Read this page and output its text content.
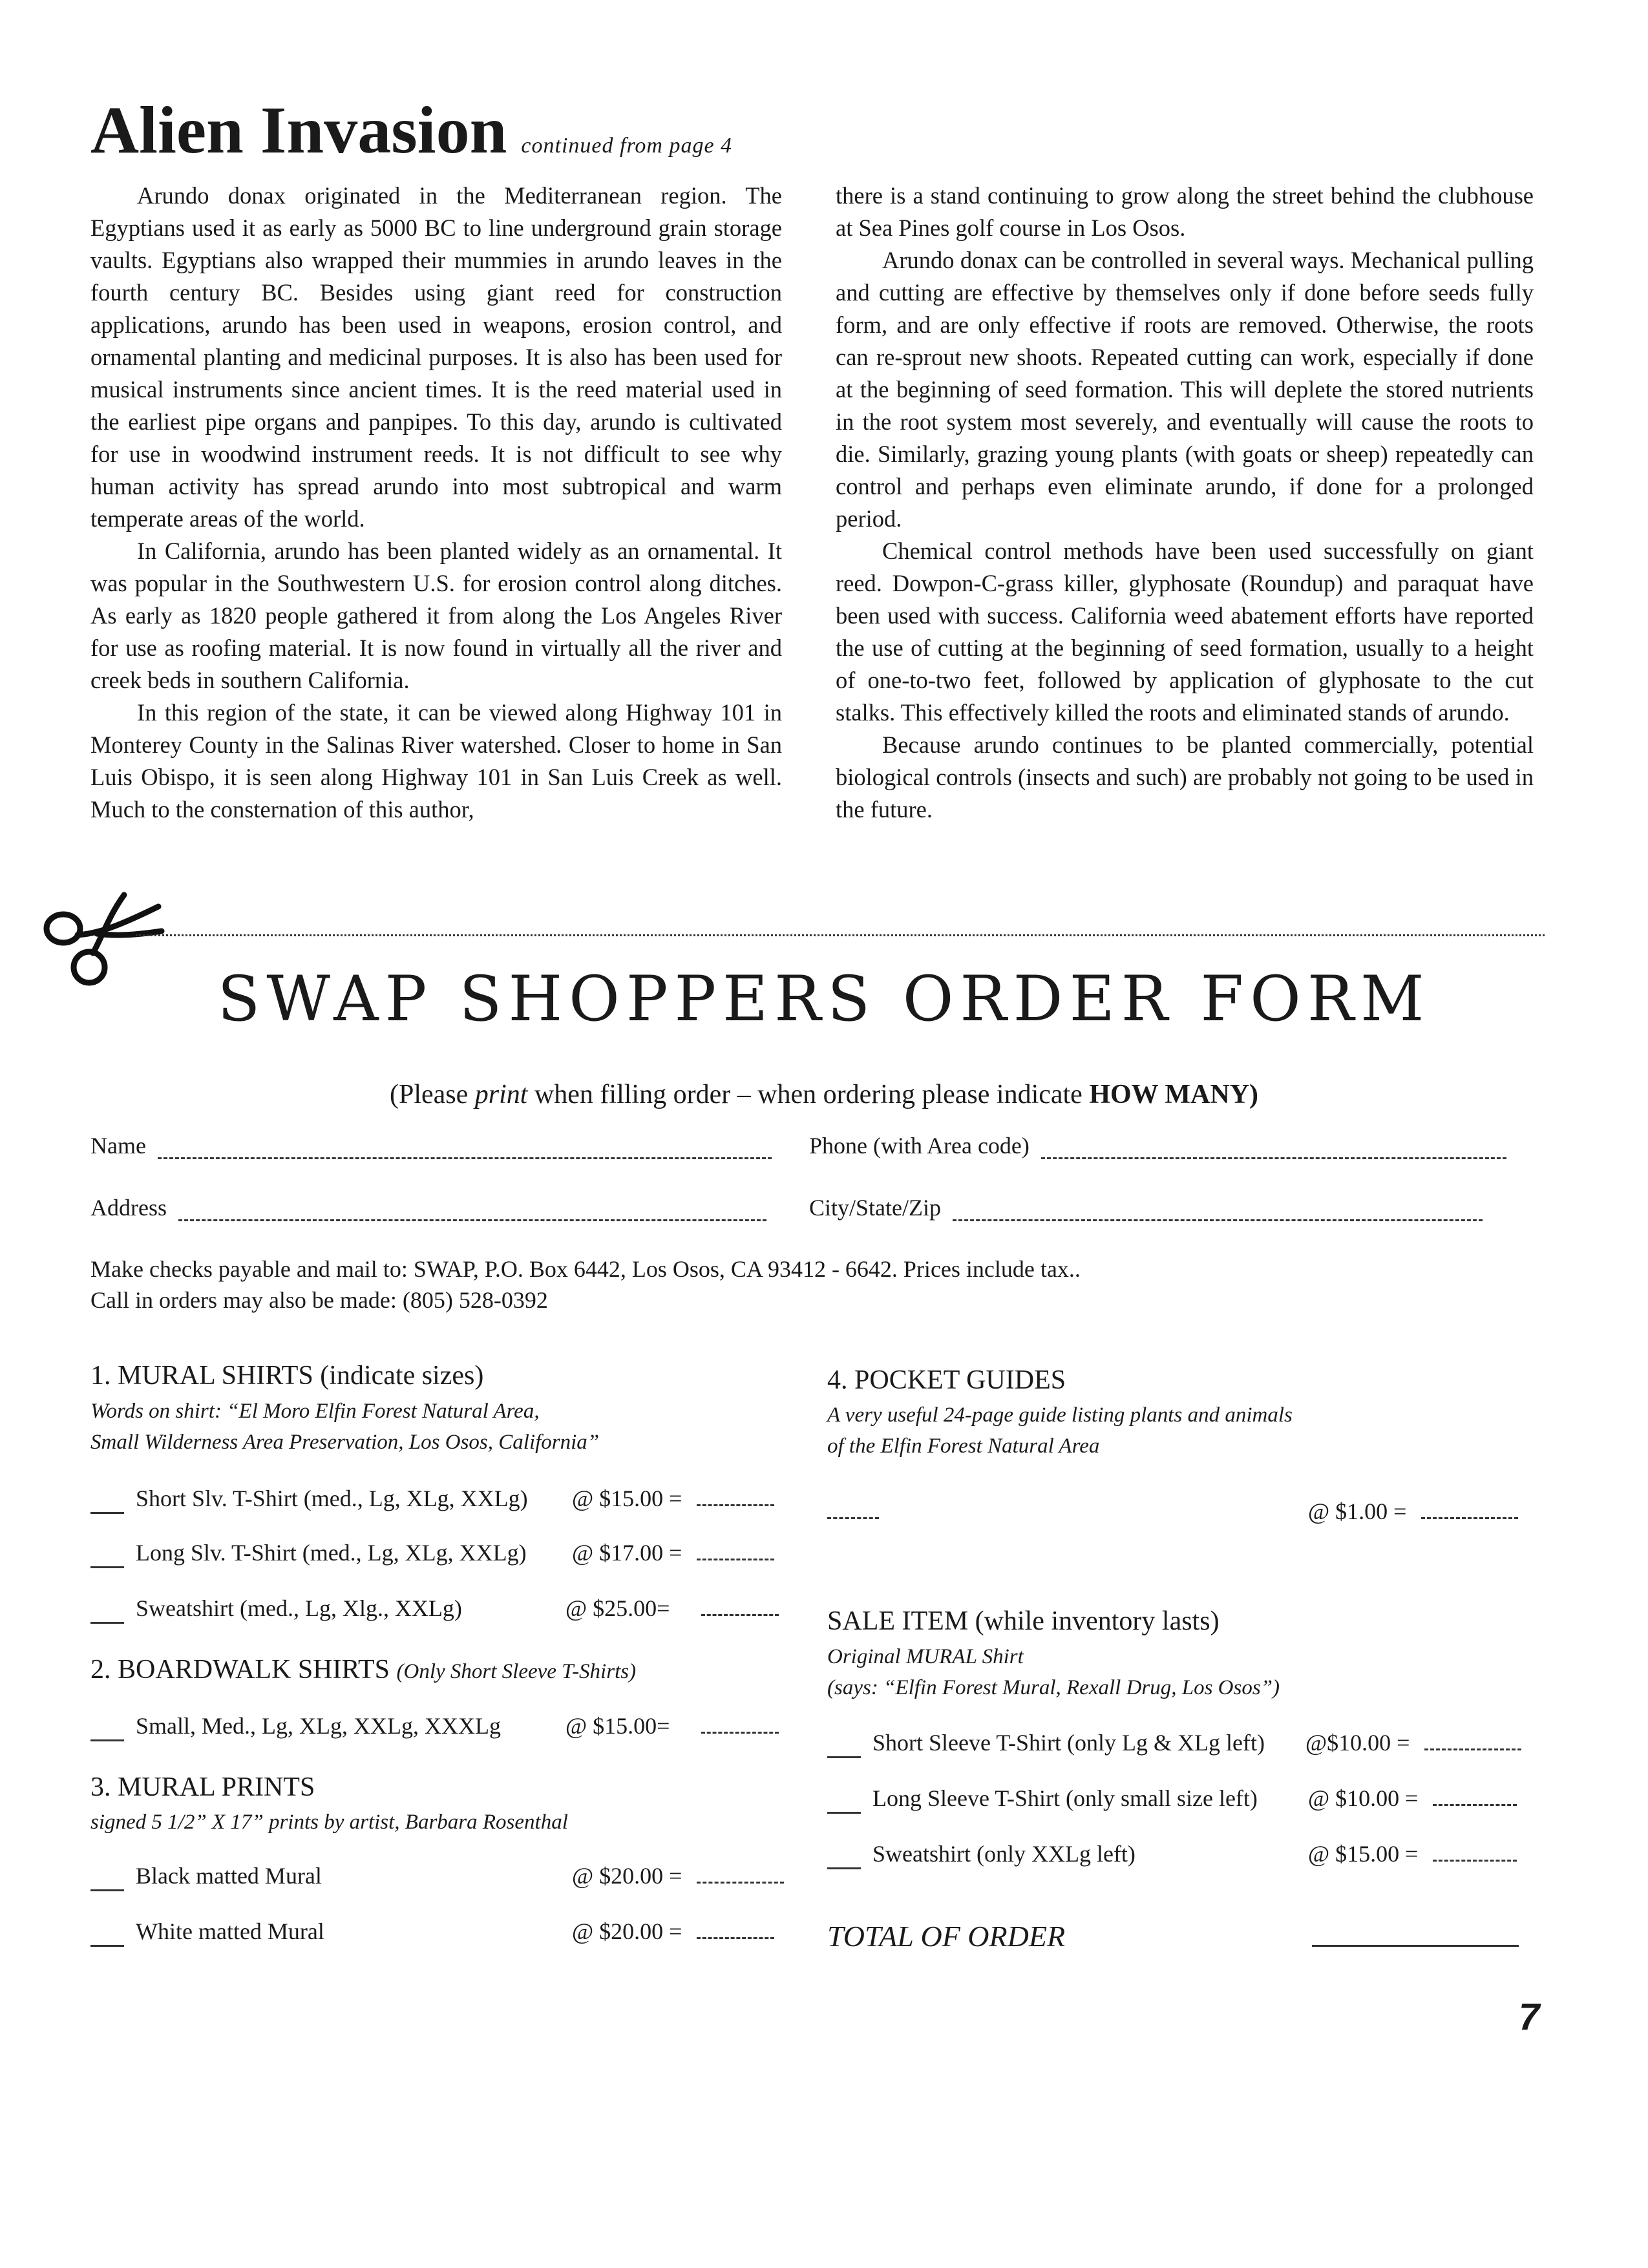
Alien Invasion continued from page 4

Arundo donax originated in the Mediterranean region. The Egyptians used it as early as 5000 BC to line underground grain storage vaults. Egyptians also wrapped their mummies in arundo leaves in the fourth century BC. Besides using giant reed for construction applications, arundo has been used in weapons, erosion control, and ornamental planting and medicinal purposes. It is also has been used for musical instruments since ancient times. It is the reed material used in the earliest pipe organs and panpipes. To this day, arundo is cultivated for use in woodwind instrument reeds. It is not difficult to see why human activity has spread arundo into most subtropical and warm temperate areas of the world.

In California, arundo has been planted widely as an ornamental. It was popular in the Southwestern U.S. for erosion control along ditches. As early as 1820 people gathered it from along the Los Angeles River for use as roofing material. It is now found in virtually all the river and creek beds in southern California.

In this region of the state, it can be viewed along Highway 101 in Monterey County in the Salinas River watershed. Closer to home in San Luis Obispo, it is seen along Highway 101 in San Luis Creek as well. Much to the consternation of this author,

there is a stand continuing to grow along the street behind the clubhouse at Sea Pines golf course in Los Osos.

Arundo donax can be controlled in several ways. Mechanical pulling and cutting are effective by themselves only if done before seeds fully form, and are only effective if roots are removed. Otherwise, the roots can re-sprout new shoots. Repeated cutting can work, especially if done at the beginning of seed formation. This will deplete the stored nutrients in the root system most severely, and eventually will cause the roots to die. Similarly, grazing young plants (with goats or sheep) repeatedly can control and perhaps even eliminate arundo, if done for a prolonged period.

Chemical control methods have been used successfully on giant reed. Dowpon-C-grass killer, glyphosate (Roundup) and paraquat have been used with success. California weed abatement efforts have reported the use of cutting at the beginning of seed formation, usually to a height of one-to-two feet, followed by application of glyphosate to the cut stalks. This effectively killed the roots and eliminated stands of arundo.

Because arundo continues to be planted commercially, potential biological controls (insects and such) are probably not going to be used in the future.

SWAP SHOPPERS ORDER FORM
(Please print when filling order – when ordering please indicate HOW MANY)
Name	Phone (with Area code)
Address	City/State/Zip
Make checks payable and mail to: SWAP, P.O. Box 6442, Los Osos, CA 93412 - 6642. Prices include tax..
Call in orders may also be made: (805) 528-0392
1. MURAL SHIRTS (indicate sizes)
Words on shirt: “El Moro Elfin Forest Natural Area,
Small Wilderness Area Preservation, Los Osos, California”
Short Slv. T-Shirt (med., Lg, XLg, XXLg) @ $15.00 =
Long Slv. T-Shirt (med., Lg, XLg, XXLg) @ $17.00 =
Sweatshirt (med., Lg, Xlg., XXLg)	@ $25.00=
2. BOARDWALK SHIRTS (Only Short Sleeve T-Shirts)
Small, Med., Lg, XLg, XXLg, XXXLg	@ $15.00=
3. MURAL PRINTS
signed 5 1/2” X 17” prints by artist, Barbara Rosenthal
Black matted Mural	@ $20.00 =
White matted Mural	@ $20.00 =
4. POCKET GUIDES
A very useful 24-page guide listing plants and animals
of the Elfin Forest Natural Area
@ $1.00 =
SALE ITEM (while inventory lasts)
Original MURAL Shirt
(says: “Elfin Forest Mural, Rexall Drug, Los Osos”)
Short Sleeve T-Shirt (only Lg & XLg left) @$10.00 =
Long Sleeve T-Shirt (only small size left) @ $10.00 =
Sweatshirt (only XXLg left)	@ $15.00 =
TOTAL OF ORDER
7
